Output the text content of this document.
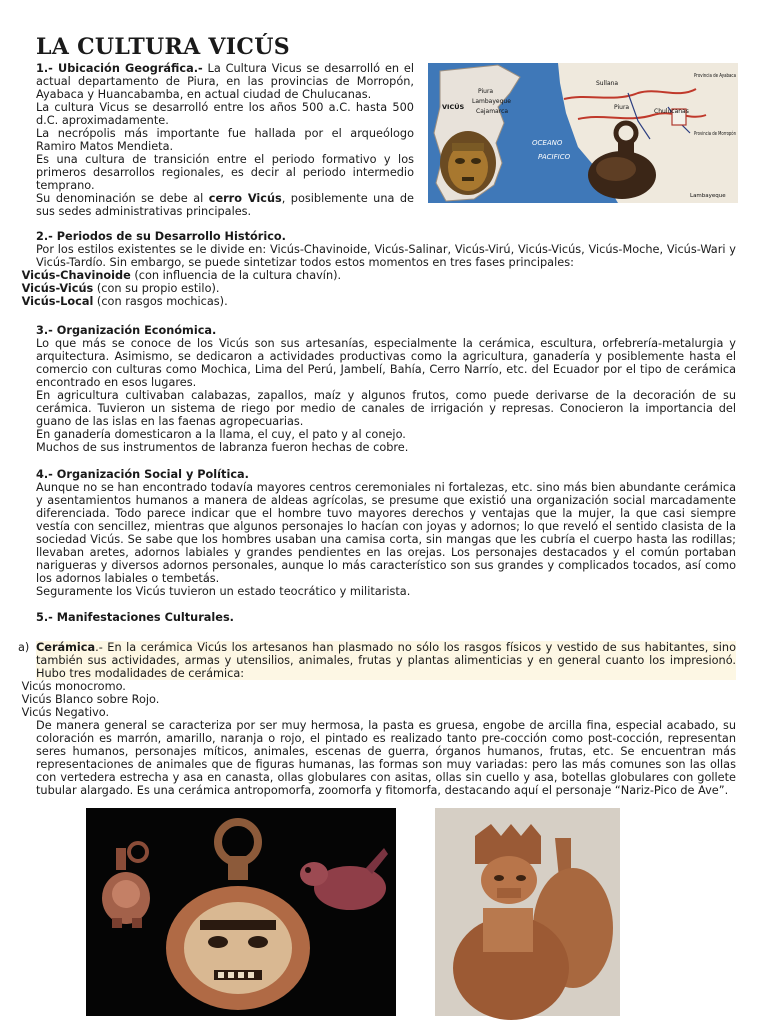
LA CULTURA VICÚS

1.- Ubicación Geográfica.- La Cultura Vicus se desarrolló en el actual departamento de Piura, en las provincias de Morropón, Ayabaca y Huancabamba, en actual ciudad de Chulucanas.

La cultura Vicus se desarrolló entre los años 500 a.C. hasta 500 d.C. aproximadamente.

La necrópolis más importante fue hallada por el arqueólogo Ramiro Matos Mendieta.

Es una cultura de transición entre el periodo formativo y los primeros desarrollos regionales, es decir al periodo intermedio temprano.

Su denominación se debe al cerro Vicús, posiblemente una de sus sedes administrativas principales.

VICÚS
Piura
Lambayeque
Cajamarca
OCEANO
PACIFICO
Sullana
Chulucanas
Provincia de Ayabaca
Provincia de Morropón
Piura
Lambayeque

2.- Periodos de su Desarrollo Histórico.

Por los estilos existentes se le divide en: Vicús-Chavinoide, Vicús-Salinar, Vicús-Virú, Vicús-Vicús, Vicús-Moche, Vicús-Wari y Vicús-Tardío. Sin embargo, se puede sintetizar todos estos momentos en tres fases principales:

Vicús-Chavinoide (con influencia de la cultura chavín).

Vicús-Vicús (con su propio estilo).

Vicús-Local (con rasgos mochicas).

3.- Organización Económica.

Lo que más se conoce de los Vicús son sus artesanías, especialmente la cerámica, escultura, orfebrería-metalurgia y arquitectura. Asimismo, se dedicaron a actividades productivas como la agricultura, ganadería y posiblemente hasta el comercio con culturas como Mochica, Lima del Perú, Jambelí, Bahía, Cerro Narrío, etc. del Ecuador por el tipo de cerámica encontrado en esos lugares.

En agricultura cultivaban calabazas, zapallos, maíz y algunos frutos, como puede derivarse de la decoración de su cerámica. Tuvieron un sistema de riego por medio de canales de irrigación y represas. Conocieron la importancia del guano de las islas en las faenas agropecuarias.

En ganadería domesticaron a la llama, el cuy, el pato y al conejo.

Muchos de sus instrumentos de labranza fueron hechas de cobre.

4.- Organización Social y Política.

Aunque no se han encontrado todavía mayores centros ceremoniales ni fortalezas, etc. sino más bien abundante cerámica y asentamientos humanos a manera de aldeas agrícolas, se presume que existió una organización social marcadamente diferenciada. Todo parece indicar que el hombre tuvo mayores derechos y ventajas que la mujer, la que casi siempre vestía con sencillez, mientras que algunos personajes lo hacían con joyas y adornos; lo que reveló el sentido clasista de la sociedad Vicús. Se sabe que los hombres usaban una camisa corta, sin mangas que les cubría el cuerpo hasta las rodillas; llevaban aretes, adornos labiales y grandes pendientes en las orejas. Los personajes destacados y el común portaban narigueras y diversos adornos personales, aunque lo más característico son sus grandes y complicados tocados, así como los adornos labiales o tembetás.

Seguramente los Vicús tuvieron un estado teocrático y militarista.

5.- Manifestaciones Culturales.

a) Cerámica.- En la cerámica Vicús los artesanos han plasmado no sólo los rasgos físicos y vestido de sus habitantes, sino también sus actividades, armas y utensilios, animales, frutas y plantas alimenticias y en general cuanto los impresionó. Hubo tres modalidades de cerámica:

Vicús monocromo.

Vicús Blanco sobre Rojo.

Vicús Negativo.

De manera general se caracteriza por ser muy hermosa, la pasta es gruesa, engobe de arcilla fina, especial acabado, su coloración es marrón, amarillo, naranja o rojo, el pintado es realizado tanto pre-cocción como post-cocción, representan seres humanos, personajes míticos, animales, escenas de guerra, órganos humanos, frutas, etc. Se encuentran más representaciones de animales que de figuras humanas, las formas son muy variadas: pero las más comunes son las ollas con vertedera estrecha y asa en canasta, ollas globulares con asitas, ollas sin cuello y asa, botellas globulares con gollete tubular alargado. Es una cerámica antropomorfa, zoomorfa y fitomorfa, destacando aquí el personaje “Nariz-Pico de Ave”.
